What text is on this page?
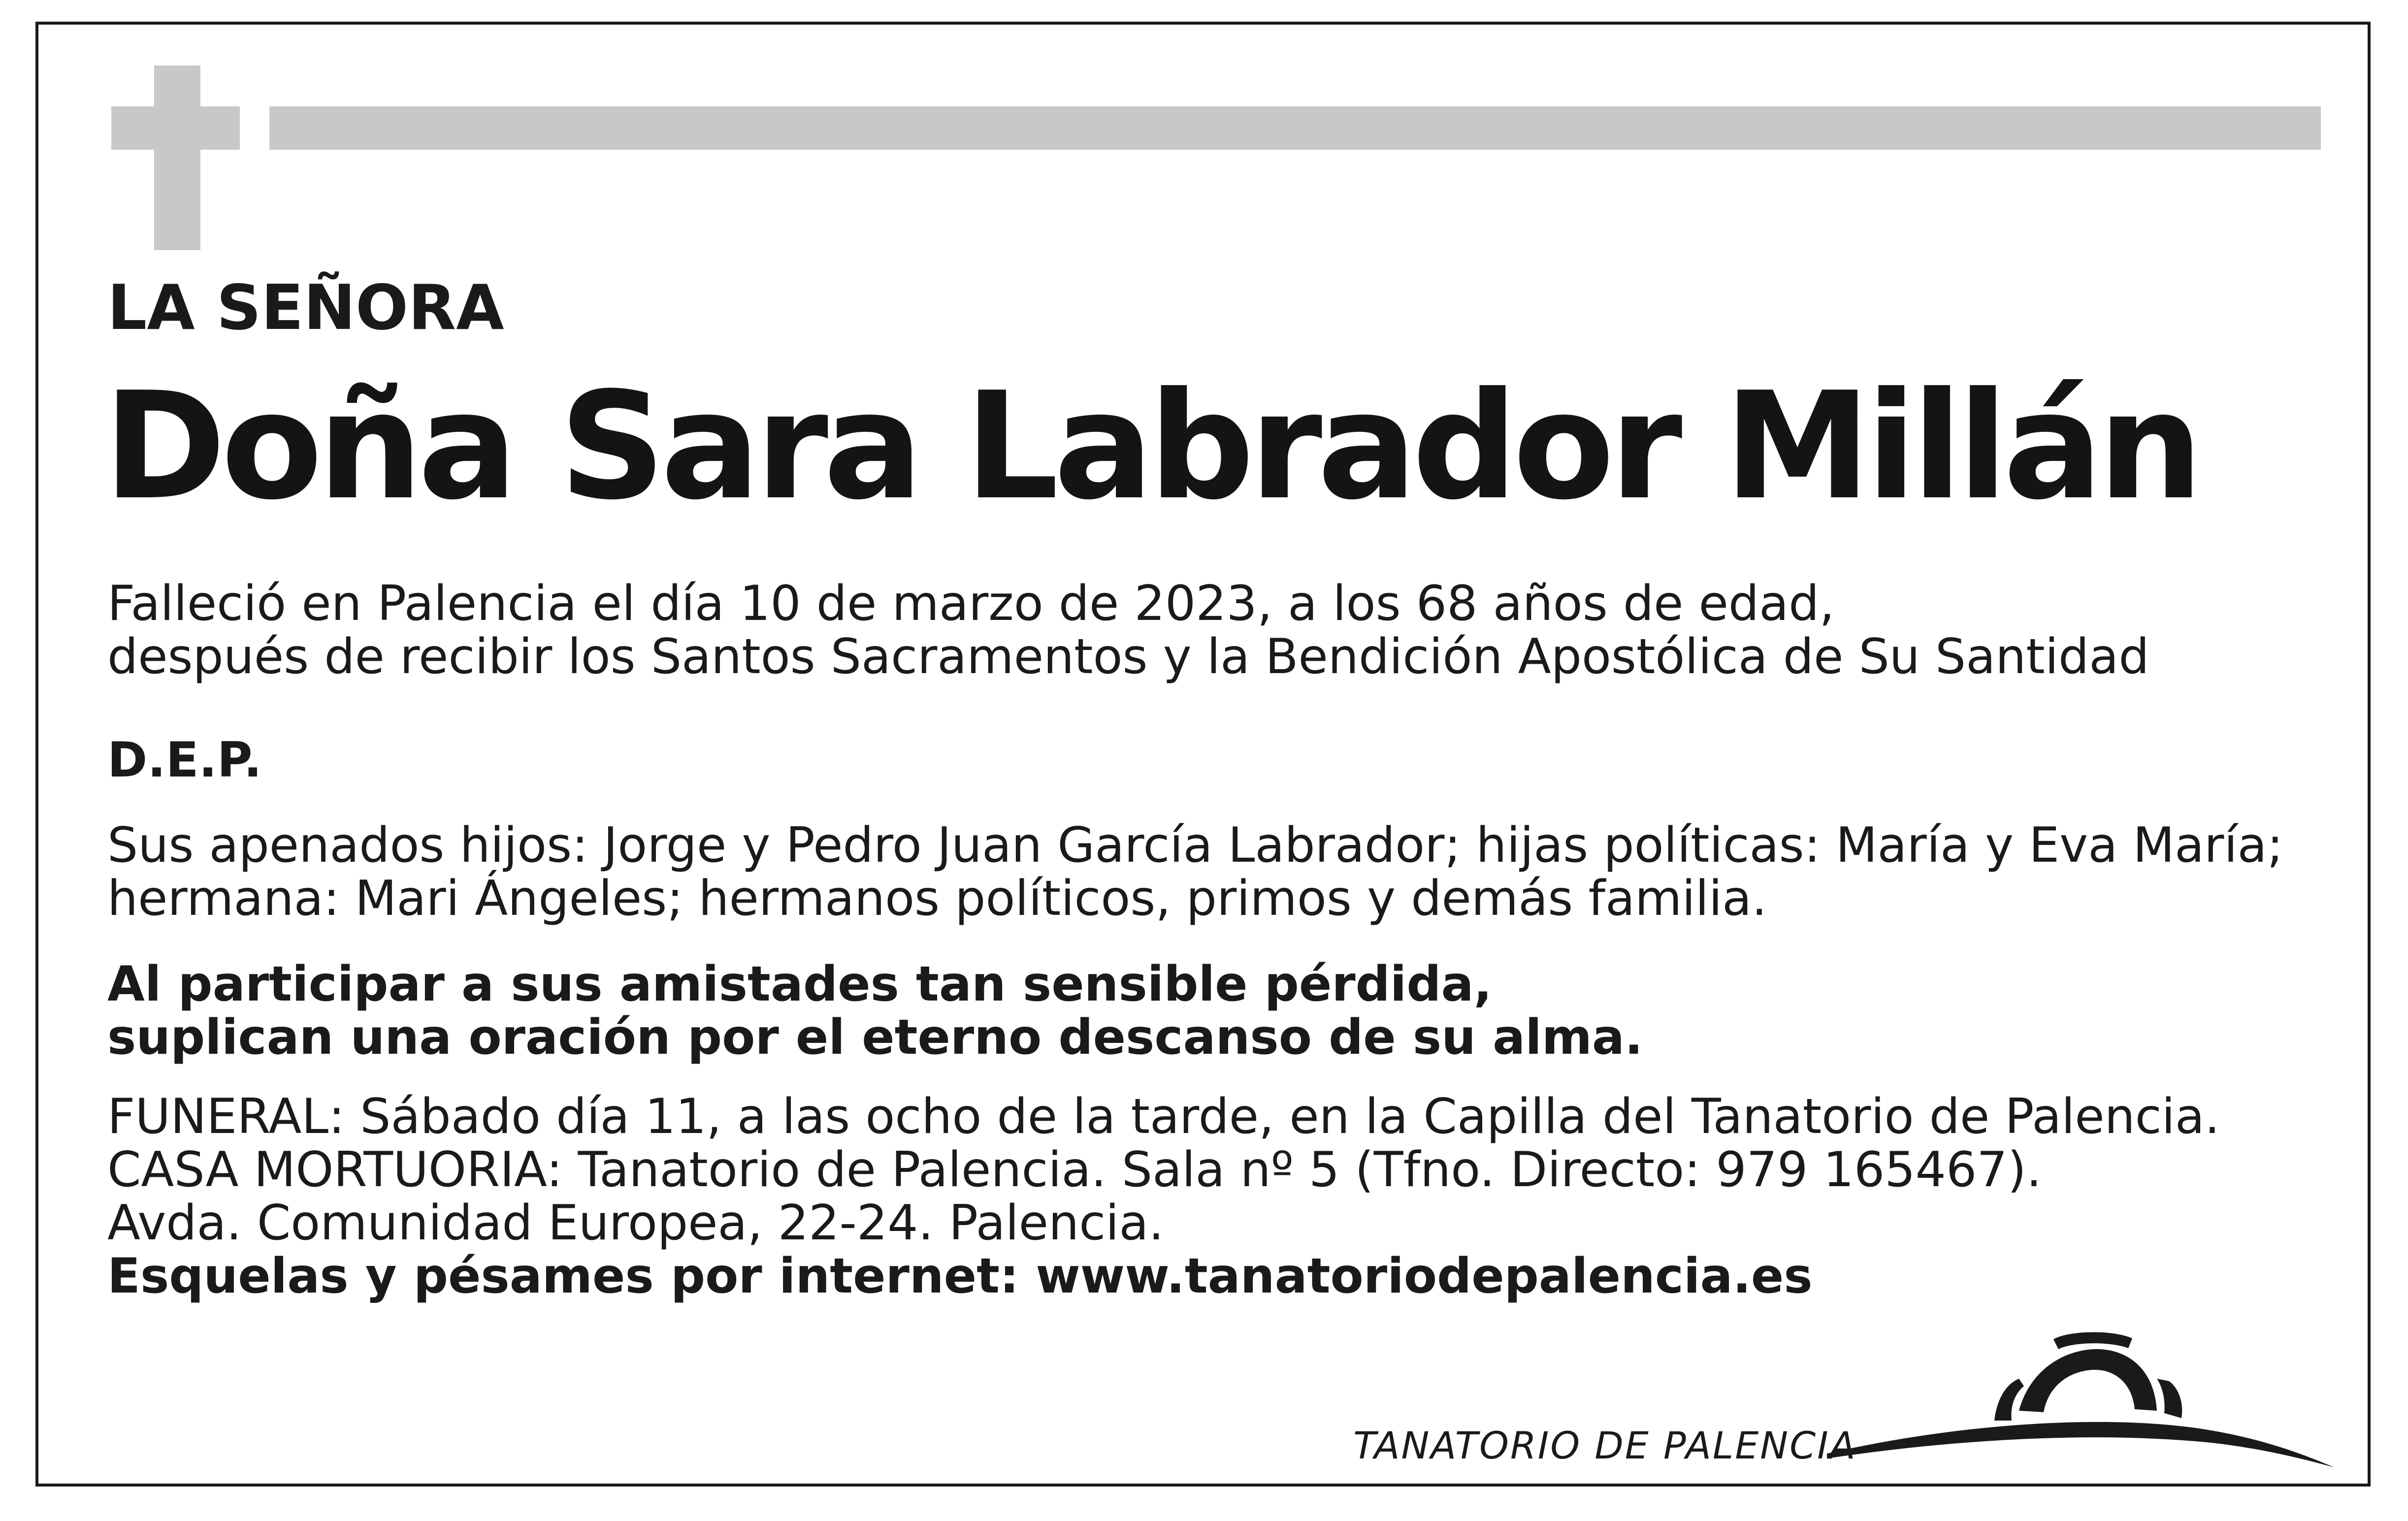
LA SEÑORA
Doña Sara Labrador Millán
Falleció en Palencia el día 10 de marzo de 2023, a los 68 años de edad,
después de recibir los Santos Sacramentos y la Bendición Apostólica de Su Santidad
D.E.P.
Sus apenados hijos: Jorge y Pedro Juan García Labrador; hijas políticas: María y Eva María;
hermana: Mari Ángeles; hermanos políticos, primos y demás familia.
Al participar a sus amistades tan sensible pérdida,
suplican una oración por el eterno descanso de su alma.
FUNERAL: Sábado día 11, a las ocho de la tarde, en la Capilla del Tanatorio de Palencia.
CASA MORTUORIA: Tanatorio de Palencia. Sala nº 5 (Tfno. Directo: 979 165467).
Avda. Comunidad Europea, 22-24. Palencia.
Esquelas y pésames por internet: www.tanatoriodepalencia.es
TANATORIO DE PALENCIA
